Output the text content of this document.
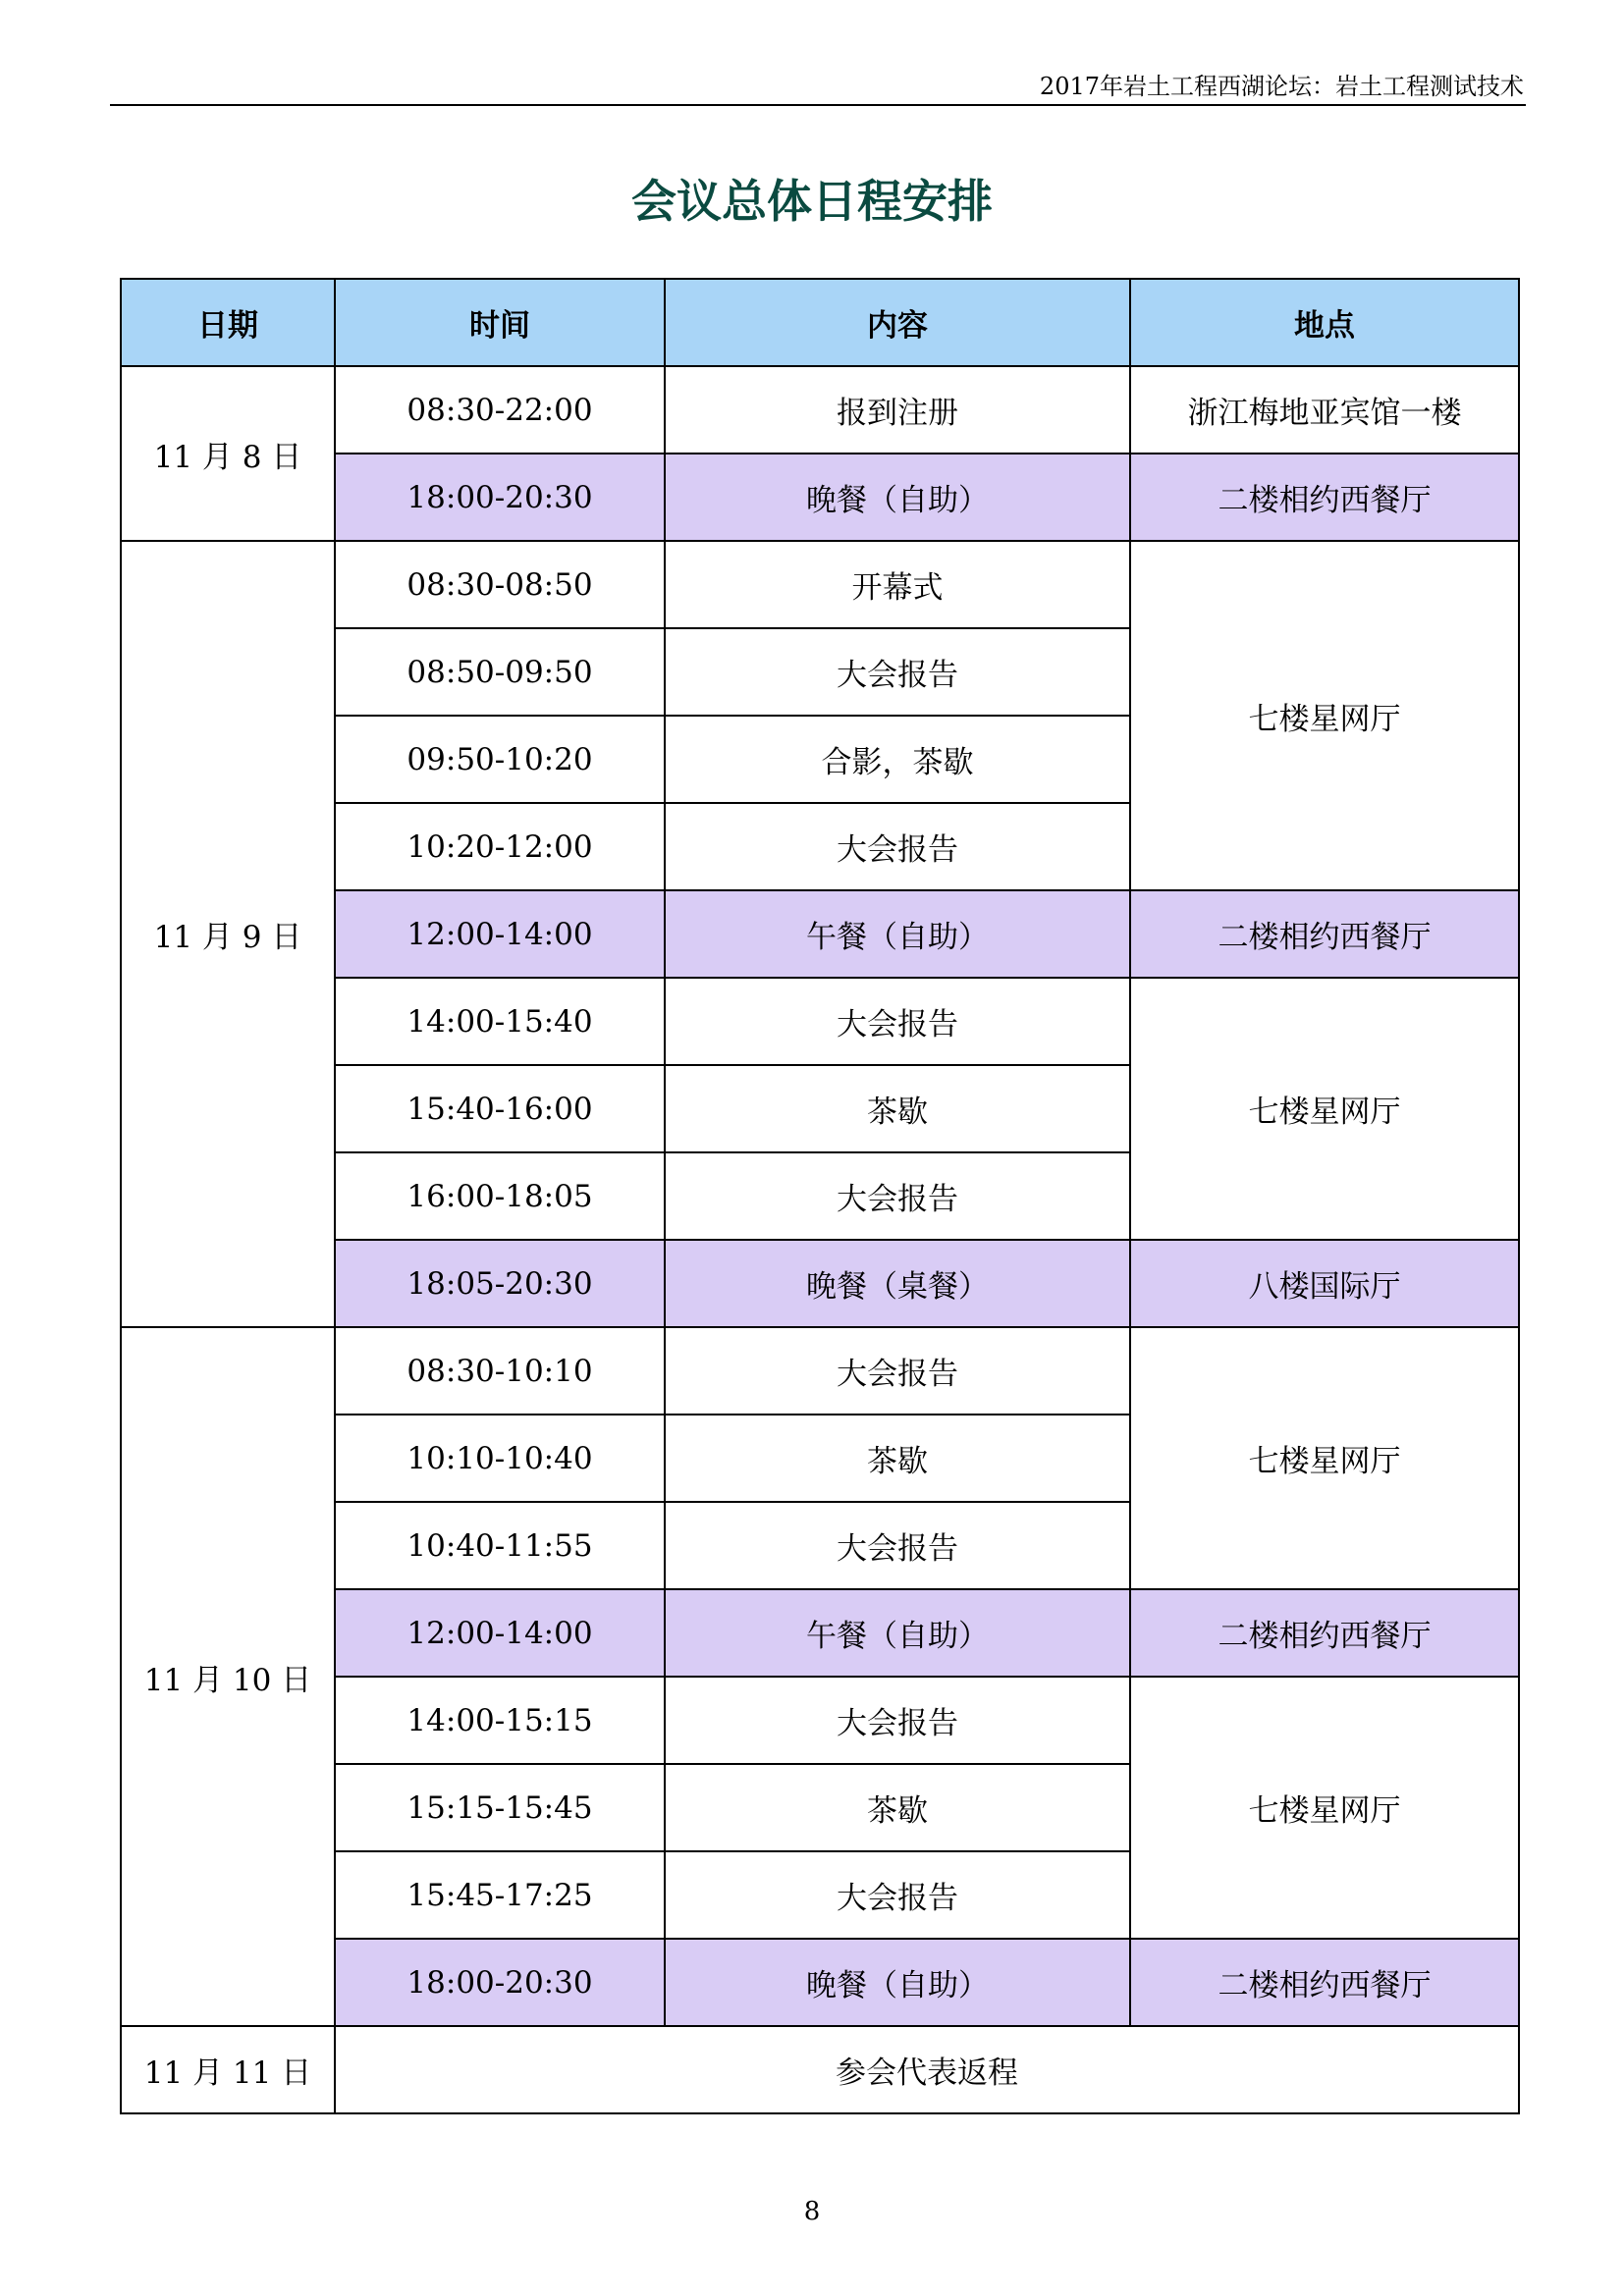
2017年岩土工程西湖论坛：岩土工程测试技术
会议总体日程安排
日期	时间	内容	地点
11 月 8 日	08:30-22:00	报到注册	浙江梅地亚宾馆一楼
	18:00-20:30	晚餐（自助）	二楼相约西餐厅
11 月 9 日	08:30-08:50	开幕式	七楼星网厅
	08:50-09:50	大会报告	
	09:50-10:20	合影，茶歇	
	10:20-12:00	大会报告	
	12:00-14:00	午餐（自助）	二楼相约西餐厅
	14:00-15:40	大会报告	七楼星网厅
	15:40-16:00	茶歇	
	16:00-18:05	大会报告	
	18:05-20:30	晚餐（桌餐）	八楼国际厅
11 月 10 日	08:30-10:10	大会报告	七楼星网厅
	10:10-10:40	茶歇	
	10:40-11:55	大会报告	
	12:00-14:00	午餐（自助）	二楼相约西餐厅
	14:00-15:15	大会报告	七楼星网厅
	15:15-15:45	茶歇	
	15:45-17:25	大会报告	
	18:00-20:30	晚餐（自助）	二楼相约西餐厅
11 月 11 日	参会代表返程		
8
